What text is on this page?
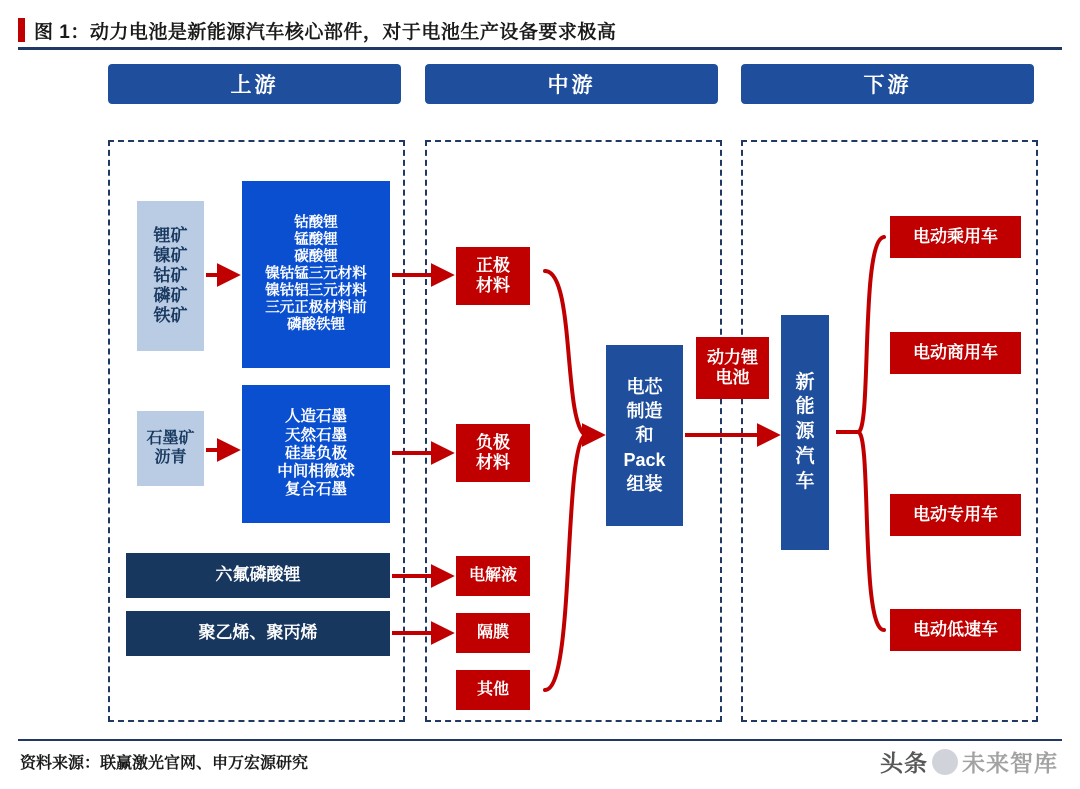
图 1：动力电池是新能源汽车核心部件，对于电池生产设备要求极高
上游	中游	下游
锂矿
镍矿
钴矿
磷矿
铁矿
钴酸锂
锰酸锂
碳酸锂
镍钴锰三元材料
镍钴铝三元材料
三元正极材料前
磷酸铁锂
石墨矿
沥青
人造石墨
天然石墨
硅基负极
中间相微球
复合石墨
六氟磷酸锂
聚乙烯、聚丙烯
正极
材料
负极
材料
电解液
隔膜
其他
电芯
制造
和
Pack
组装
动力锂
电池 新
能
源
汽
车
电动乘用车
电动商用车
电动专用车
电动低速车
资料来源：联赢激光官网、申万宏源研究	头条 未来智库
